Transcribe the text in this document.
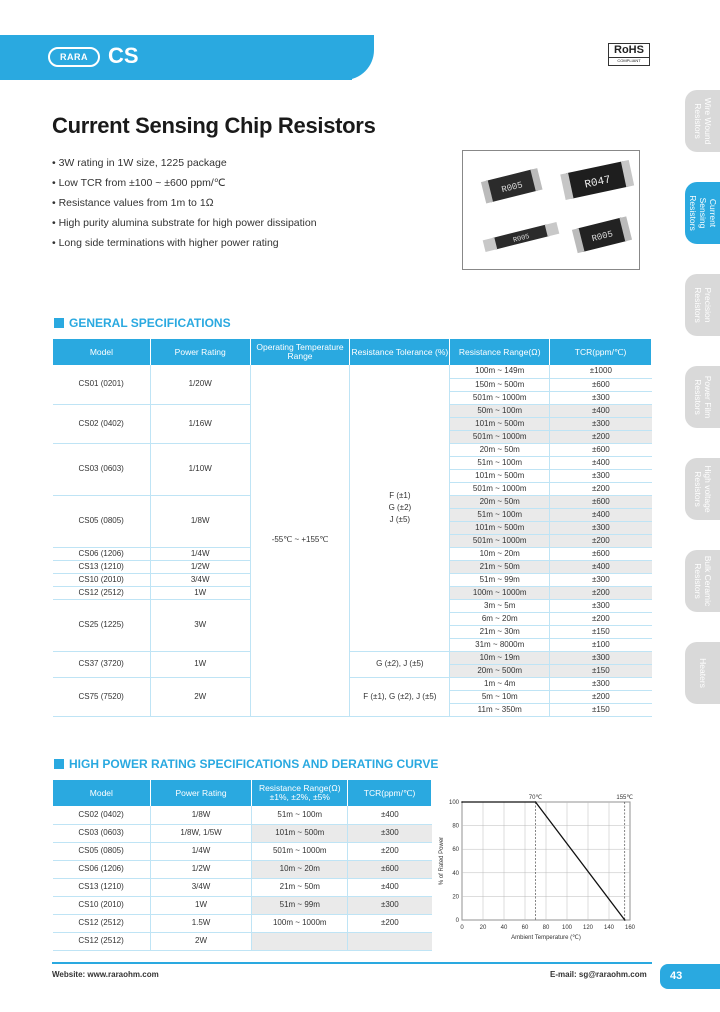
RARA CS	RoHS
COMPLIANT
Current Sensing Chip Resistors
• 3W rating in 1W size, 1225 package
• Low TCR from ±100 ~ ±600 ppm/℃
• Resistance values from 1m to 1Ω
• High purity alumina substrate for high power dissipation
• Long side terminations with higher power rating
R005	R047
R005	R005
Wire Wound Resistors
Current Sensing Resistors
Precision Resistors
Power Film Resistors
High voltage Resistors
Bulk Ceramic Resistors
Heaters
GENERAL SPECIFICATIONS
Model	Power Rating	Operating Temperature Range	Resistance Tolerance (%)	Resistance Range(Ω)	TCR(ppm/℃)
CS01 (0201)	1/20W	-55℃ ~ +155℃	F (±1)
G (±2)
J (±5)	100m ~ 149m	±1000
				150m ~ 500m	±600
				501m ~ 1000m	±300
CS02 (0402)	1/16W			50m ~ 100m	±400
				101m ~ 500m	±300
				501m ~ 1000m	±200
CS03 (0603)	1/10W			20m ~ 50m	±600
				51m ~ 100m	±400
				101m ~ 500m	±300
				501m ~ 1000m	±200
CS05 (0805)	1/8W			20m ~ 50m	±600
				51m ~ 100m	±400
				101m ~ 500m	±300
				501m ~ 1000m	±200
CS06 (1206)	1/4W			10m ~ 20m	±600
CS13 (1210)	1/2W			21m ~ 50m	±400
CS10 (2010)	3/4W			51m ~ 99m	±300
CS12 (2512)	1W			100m ~ 1000m	±200
CS25 (1225)	3W			3m ~ 5m	±300
				6m ~ 20m	±200
				21m ~ 30m	±150
				31m ~ 8000m	±100
CS37 (3720)	1W		G (±2), J (±5)	10m ~ 19m	±300
				20m ~ 500m	±150
CS75 (7520)	2W		F (±1), G (±2), J (±5)	1m ~ 4m	±300
				5m ~ 10m	±200
				11m ~ 350m	±150
HIGH POWER RATING SPECIFICATIONS AND DERATING CURVE
Model	Power Rating	Resistance Range(Ω) ±1%, ±2%, ±5%	TCR(ppm/℃)
CS02 (0402)	1/8W	51m ~ 100m	±400
CS03 (0603)	1/8W, 1/5W	101m ~ 500m	±300
CS05 (0805)	1/4W	501m ~ 1000m	±200
CS06 (1206)	1/2W	10m ~ 20m	±600
CS13 (1210)	3/4W	21m ~ 50m	±400
CS10 (2010)	1W	51m ~ 99m	±300
CS12 (2512)	1.5W	100m ~ 1000m	±200
CS12 (2512)	2W		
0	20 40 60 80 100 120 140 160
0
20
40
60
80
100
70℃	155℃
Ambient Temperature (℃)
% of Rated Power
Website: www.raraohm.com	E-mail: sg@raraohm.com	43
